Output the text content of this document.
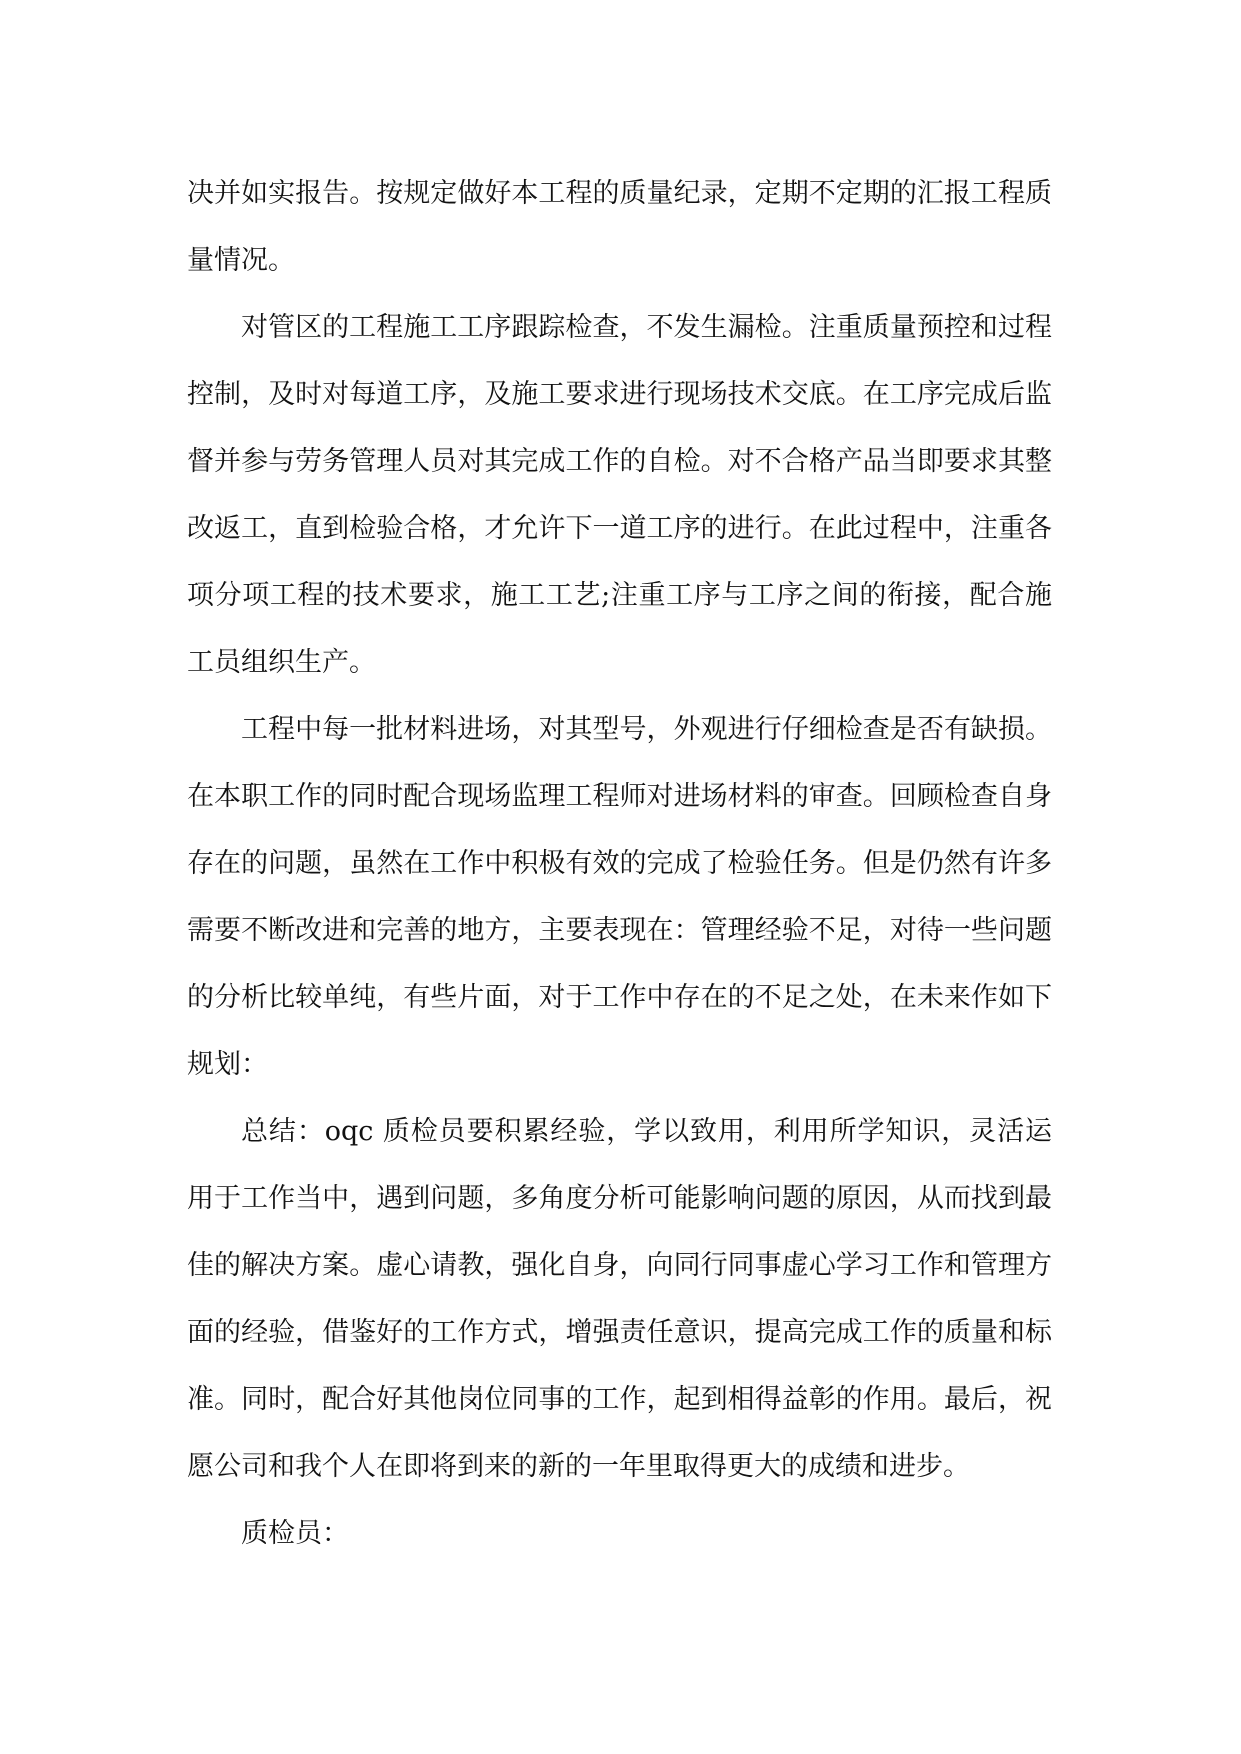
决并如实报告。按规定做好本工程的质量纪录，定期不定期的汇报工程质量情况。

对管区的工程施工工序跟踪检查，不发生漏检。注重质量预控和过程控制，及时对每道工序，及施工要求进行现场技术交底。在工序完成后监督并参与劳务管理人员对其完成工作的自检。对不合格产品当即要求其整改返工，直到检验合格，才允许下一道工序的进行。在此过程中，注重各项分项工程的技术要求，施工工艺;注重工序与工序之间的衔接，配合施工员组织生产。

工程中每一批材料进场，对其型号，外观进行仔细检查是否有缺损。在本职工作的同时配合现场监理工程师对进场材料的审查。回顾检查自身存在的问题，虽然在工作中积极有效的完成了检验任务。但是仍然有许多需要不断改进和完善的地方，主要表现在：管理经验不足，对待一些问题的分析比较单纯，有些片面，对于工作中存在的不足之处，在未来作如下规划：

总结：oqc 质检员要积累经验，学以致用，利用所学知识，灵活运用于工作当中，遇到问题，多角度分析可能影响问题的原因，从而找到最佳的解决方案。虚心请教，强化自身，向同行同事虚心学习工作和管理方面的经验，借鉴好的工作方式，增强责任意识，提高完成工作的质量和标准。同时，配合好其他岗位同事的工作，起到相得益彰的作用。最后，祝愿公司和我个人在即将到来的新的一年里取得更大的成绩和进步。

质检员：
